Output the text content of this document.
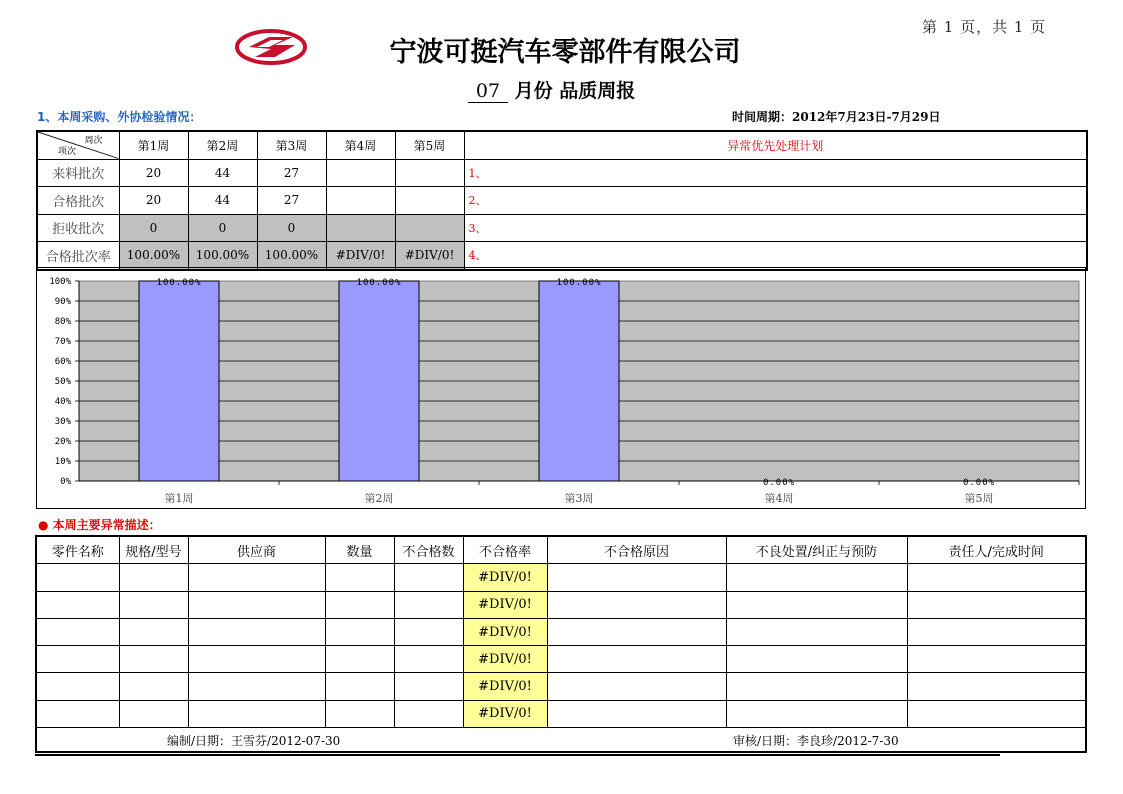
第 1 页，共 1 页
宁波可挺汽车零部件有限公司
07 月份 品质周报
1、本周采购、外协检验情况：	时间周期：2012年7月23日-7月29日
周次
项次	第1周	第2周	第3周	第4周	第5周	异常优先处理计划
来料批次	20	44	27			1、
合格批次	20	44	27			2、
拒收批次	0	0	0			3、
合格批次率	100.00%	100.00%	100.00%	#DIV/0!	#DIV/0!	4、
0%
10%
20%
30%
40%
50%
60%
70%
80%
90%
100%	100.00%
第1周
100.00%
第2周
100.00%
第3周
0.00%
第4周
0.00%
第5周
● 本周主要异常描述：
零件名称	规格/型号	供应商	数量	不合格数	不合格率	不合格原因	不良处置/纠正与预防	责任人/完成时间
					#DIV/0!			
					#DIV/0!			
					#DIV/0!			
					#DIV/0!			
					#DIV/0!			
					#DIV/0!			

编制/日期：王雪芬/2012-07-30 审核/日期：李良珍/2012-7-30								
